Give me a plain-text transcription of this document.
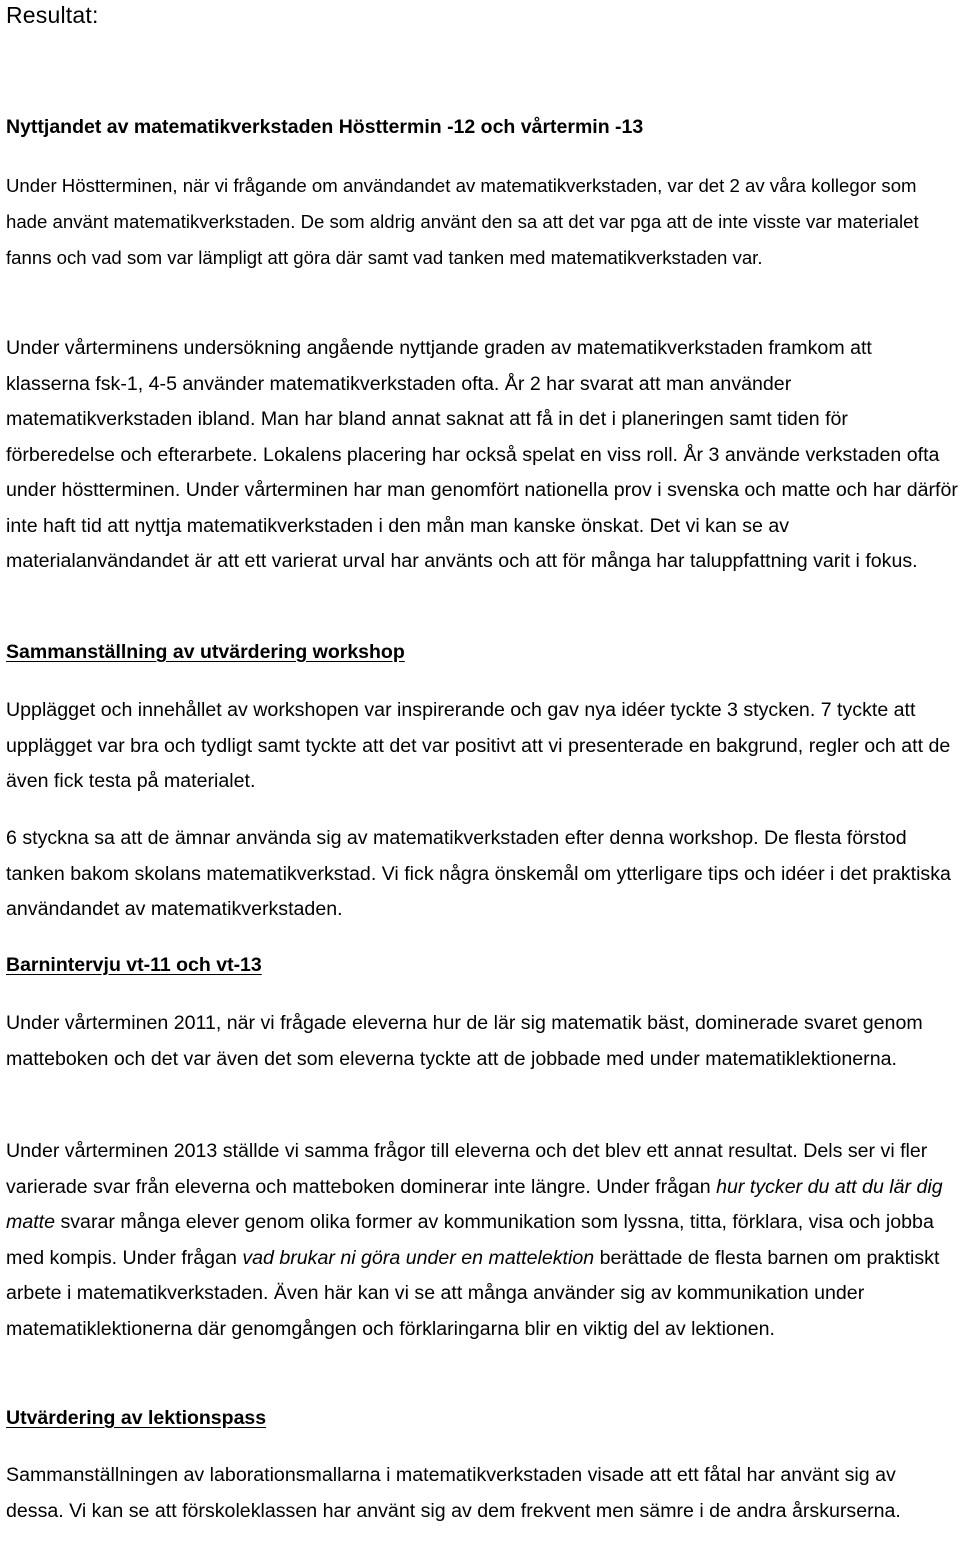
Resultat:
Nyttjandet av matematikverkstaden Hösttermin -12 och vårtermin -13

Under Höstterminen, när vi frågande om användandet av matematikverkstaden, var det 2 av våra kollegor som hade använt matematikverkstaden. De som aldrig använt den sa att det var pga att de inte visste var materialet fanns och vad som var lämpligt att göra där samt vad tanken med matematikverkstaden var.

Under vårterminens undersökning angående nyttjande graden av matematikverkstaden framkom att klasserna fsk-1, 4-5 använder matematikverkstaden ofta. År 2 har svarat att man använder matematikverkstaden ibland. Man har bland annat saknat att få in det i planeringen samt tiden för förberedelse och efterarbete. Lokalens placering har också spelat en viss roll. År 3 använde verkstaden ofta under höstterminen. Under vårterminen har man genomfört nationella prov i svenska och matte och har därför inte haft tid att nyttja matematikverkstaden i den mån man kanske önskat. Det vi kan se av materialanvändandet är att ett varierat urval har använts och att för många har taluppfattning varit i fokus.

Sammanställning av utvärdering workshop

Upplägget och innehållet av workshopen var inspirerande och gav nya idéer tyckte 3 stycken. 7 tyckte att upplägget var bra och tydligt samt tyckte att det var positivt att vi presenterade en bakgrund, regler och att de även fick testa på materialet.

6 styckna sa att de ämnar använda sig av matematikverkstaden efter denna workshop. De flesta förstod tanken bakom skolans matematikverkstad. Vi fick några önskemål om ytterligare tips och idéer i det praktiska användandet av matematikverkstaden.

Barnintervju vt-11 och vt-13

Under vårterminen 2011, när vi frågade eleverna hur de lär sig matematik bäst, dominerade svaret genom matteboken och det var även det som eleverna tyckte att de jobbade med under matematiklektionerna.

Under vårterminen 2013 ställde vi samma frågor till eleverna och det blev ett annat resultat. Dels ser vi fler varierade svar från eleverna och matteboken dominerar inte längre. Under frågan hur tycker du att du lär dig matte svarar många elever genom olika former av kommunikation som lyssna, titta, förklara, visa och jobba med kompis. Under frågan vad brukar ni göra under en mattelektion berättade de flesta barnen om praktiskt arbete i matematikverkstaden. Även här kan vi se att många använder sig av kommunikation under matematiklektionerna där genomgången och förklaringarna blir en viktig del av lektionen.

Utvärdering av lektionspass

Sammanställningen av laborationsmallarna i matematikverkstaden visade att ett fåtal har använt sig av dessa. Vi kan se att förskoleklassen har använt sig av dem frekvent men sämre i de andra årskurserna.
